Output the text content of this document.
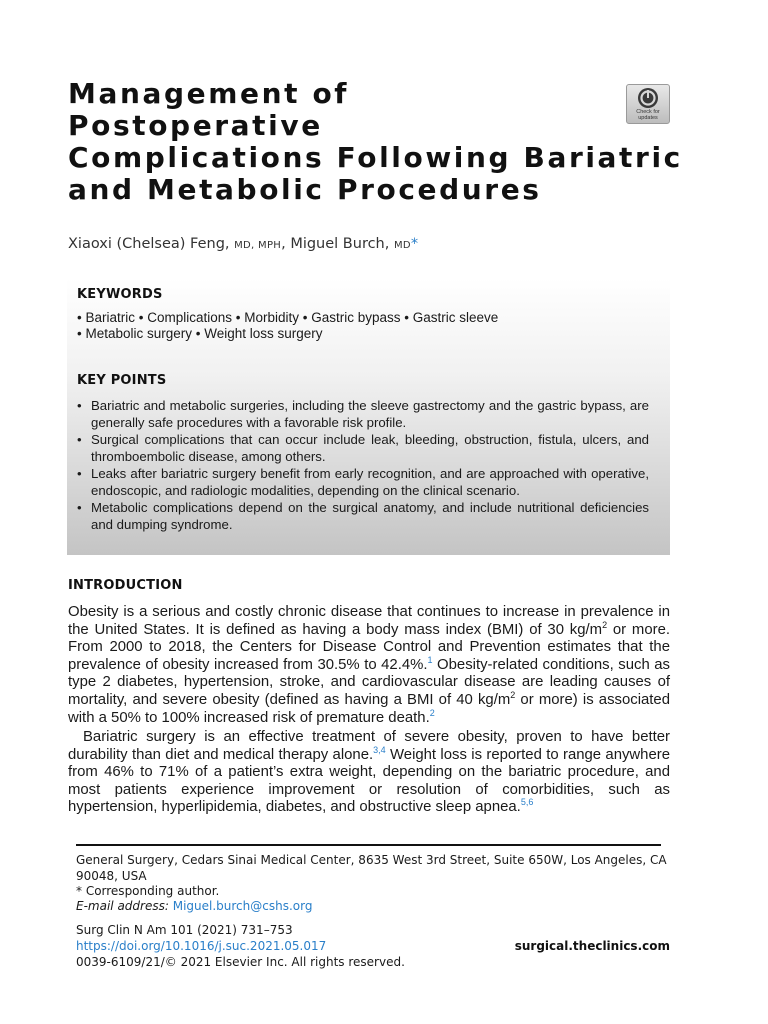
Management of
Postoperative
Complications Following Bariatric
and Metabolic Procedures
Check for
updates
Xiaoxi (Chelsea) Feng, MD, MPH, Miguel Burch, MD*
KEYWORDS
• Bariatric • Complications • Morbidity • Gastric bypass • Gastric sleeve
• Metabolic surgery • Weight loss surgery
KEY POINTS
• Bariatric and metabolic surgeries, including the sleeve gastrectomy and the gastric bypass, are generally safe procedures with a favorable risk profile.
• Surgical complications that can occur include leak, bleeding, obstruction, fistula, ulcers, and thromboembolic disease, among others.
• Leaks after bariatric surgery benefit from early recognition, and are approached with operative, endoscopic, and radiologic modalities, depending on the clinical scenario.
• Metabolic complications depend on the surgical anatomy, and include nutritional deficiencies and dumping syndrome.
INTRODUCTION

Obesity is a serious and costly chronic disease that continues to increase in prevalence in the United States. It is defined as having a body mass index (BMI) of 30 $kg/m^2$ or more. From 2000 to 2018, the Centers for Disease Control and Prevention estimates that the prevalence of obesity increased from 30.5% to 42.4%.$^1$ Obesity-related conditions, such as type 2 diabetes, hypertension, stroke, and cardiovascular disease are leading causes of mortality, and severe obesity (defined as having a BMI of 40 $kg/m^2$ or more) is associated with a 50% to 100% increased risk of premature death.$^2$

Bariatric surgery is an effective treatment of severe obesity, proven to have better durability than diet and medical therapy alone.$^{3,4}$ Weight loss is reported to range anywhere from 46% to 71% of a patient’s extra weight, depending on the bariatric procedure, and most patients experience improvement or resolution of comorbidities, such as hypertension, hyperlipidemia, diabetes, and obstructive sleep apnea.$^{5,6}$

General Surgery, Cedars Sinai Medical Center, 8635 West 3rd Street, Suite 650W, Los Angeles, CA 90048, USA

* Corresponding author.

E-mail address: Miguel.burch@cshs.org

Surg Clin N Am 101 (2021) 731–753

https://doi.org/10.1016/j.suc.2021.05.017

0039-6109/21/© 2021 Elsevier Inc. All rights reserved.

surgical.theclinics.com
